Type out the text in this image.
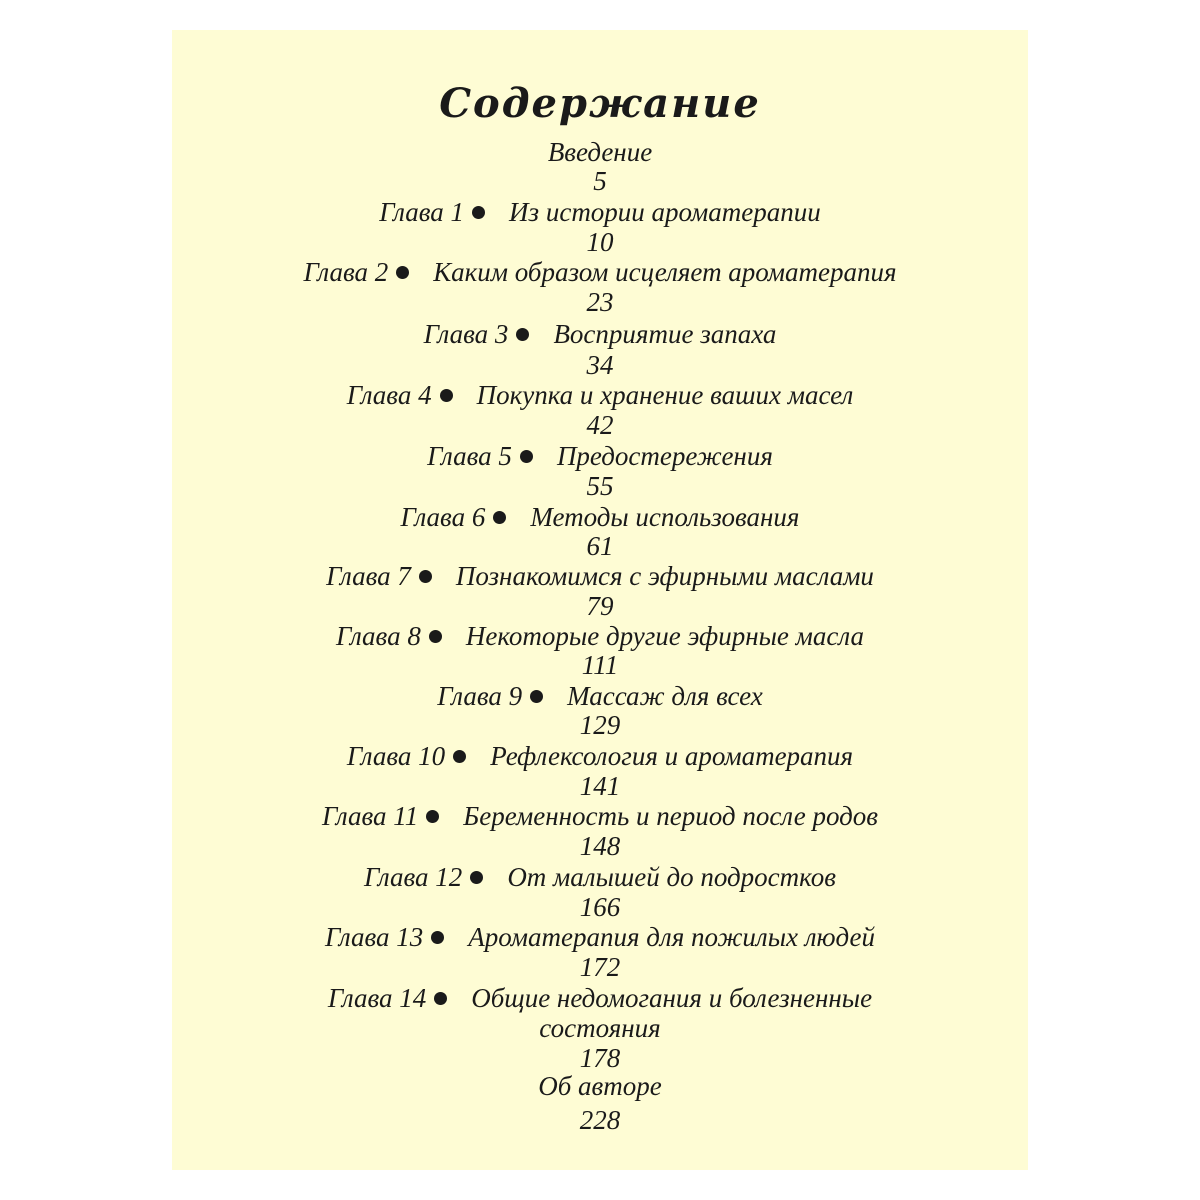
Содержание
Введение
5
Глава 1 Из истории ароматерапии
10
Глава 2 Каким образом исцеляет ароматерапия
23
Глава 3 Восприятие запаха
34
Глава 4 Покупка и хранение ваших масел
42
Глава 5 Предостережения
55
Глава 6 Методы использования
61
Глава 7 Познакомимся с эфирными маслами
79
Глава 8 Некоторые другие эфирные масла
111
Глава 9 Массаж для всех
129
Глава 10 Рефлексология и ароматерапия
141
Глава 11 Беременность и период после родов
148
Глава 12 От малышей до подростков
166
Глава 13 Ароматерапия для пожилых людей
172
Глава 14 Общие недомогания и болезненные
состояния
178
Об авторе
228
